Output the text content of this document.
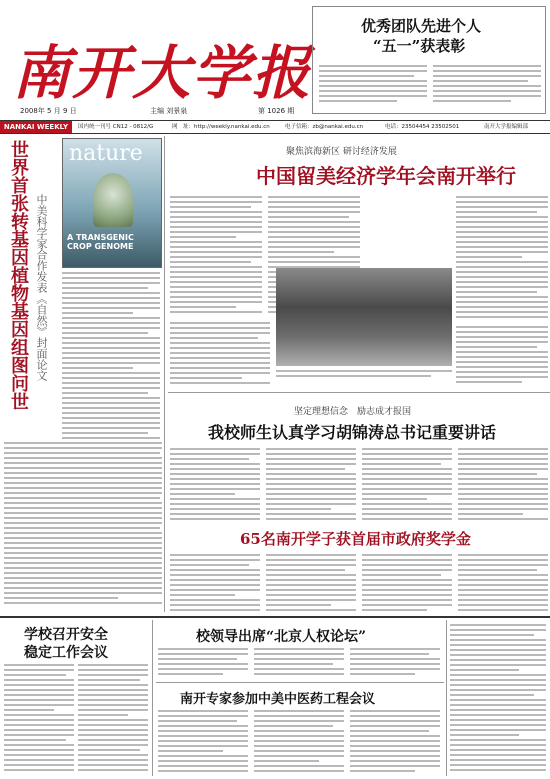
南开大学报
2008年 5 月 9 日	主编 刘景泉	第 1026 期
优秀团队先进个人
“五一”获表彰
NANKAI WEEKLY	国内统一刊号 CN12 - 0812/G	网　址：http://weekly.nankai.edu.cn	电子信箱：zb@nankai.edu.cn	电话：23504454 23502501	南开大学报编辑部
世界首张转基因植物基因组图问世 中美科学家合作发表《自然》封面论文
nature
A TRANSGENIC CROP GENOME
聚焦滨海新区 研讨经济发展
中国留美经济学年会南开举行
坚定理想信念　励志成才报国
我校师生认真学习胡锦涛总书记重要讲话
65名南开学子获首届市政府奖学金
学校召开安全
稳定工作会议
校领导出席“北京人权论坛”
南开专家参加中美中医药工程会议
